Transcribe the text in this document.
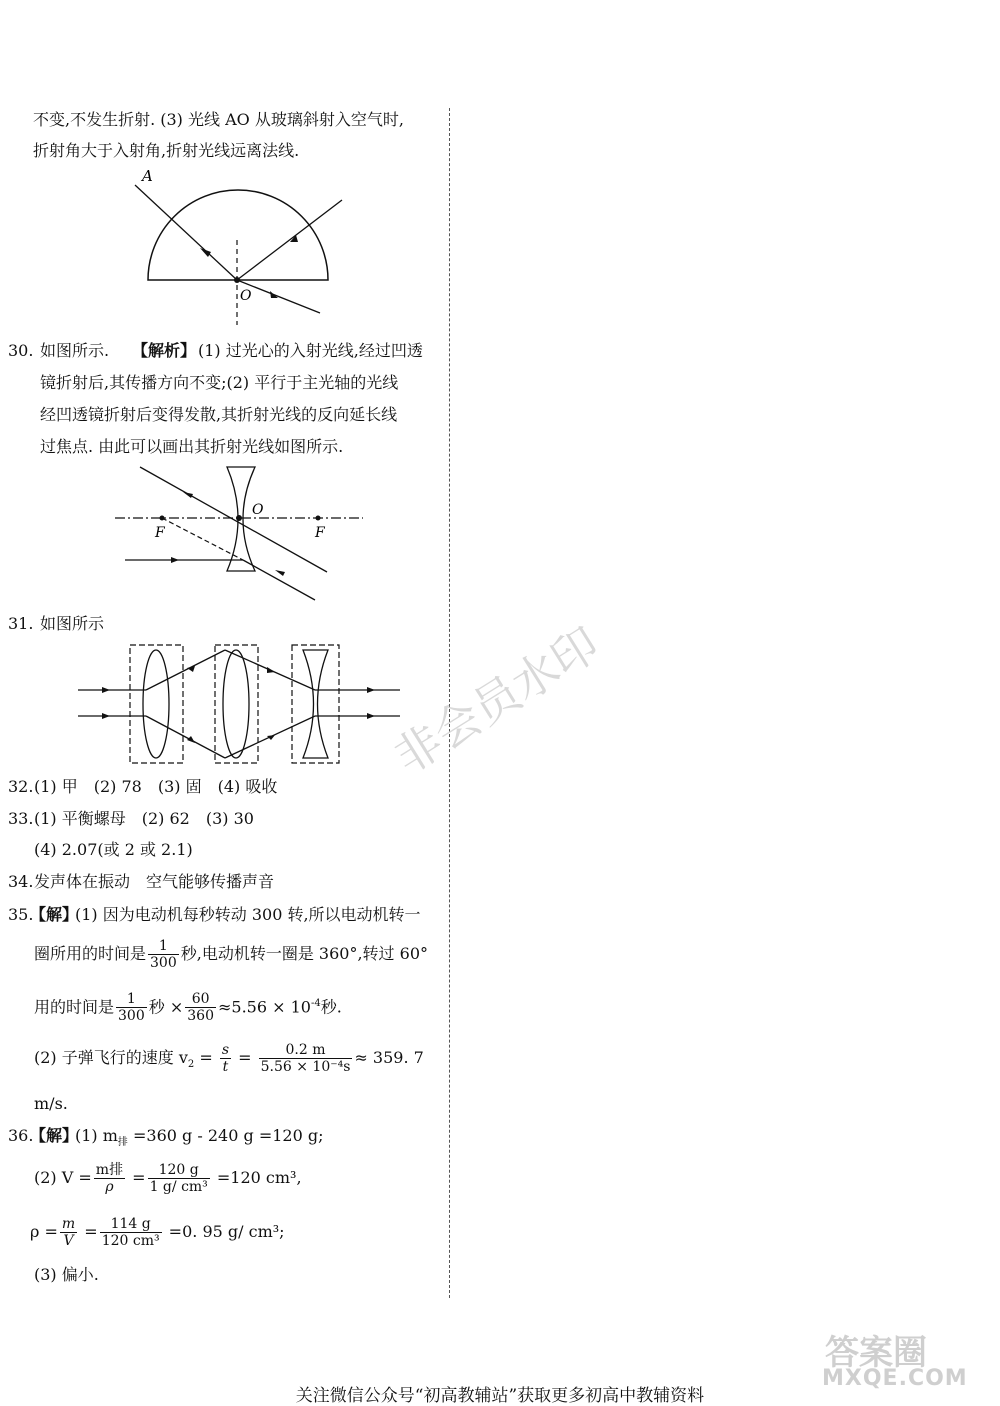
不变,不发生折射. (3) 光线 AO 从玻璃斜射入空气时,
折射角大于入射角,折射光线远离法线.
A
O
30. 如图所示. 【解析】 (1) 过光心的入射光线,经过凹透
镜折射后,其传播方向不变;(2) 平行于主光轴的光线
经凹透镜折射后变得发散,其折射光线的反向延长线
过焦点. 由此可以画出其折射光线如图所示.
O
F	F
31. 如图所示
32. (1) 甲　(2) 78　(3) 固　(4) 吸收
33. (1) 平衡螺母　(2) 62　(3) 30
(4) 2.07(或 2 或 2.1)
34. 发声体在振动　空气能够传播声音
35.
【解】
(1) 因为电动机每秒转动 300 转,所以电动机转一
圈所用的时间是 $\frac{1}{300}$ 秒,电动机转一圈是 360°,转过 60°
用的时间是 $\frac{1}{300}$ 秒 × $\frac{60}{360} \approx 5.56 \times 10^{-4}$秒.
(2) 子弹飞行的速度 $v_2 = \frac{s}{t} = \frac{0.2 m}{\text{5.56 × 10⁻⁴s}} \approx 359$. 7
m/s.
36.
【解】
(1) $m_排 =360$ g - 240 g =120 g;
(2) $V = \frac{\text{m排}}{\rho} = \frac{120 g}{\text{1 g/ cm³}} =120$ cm³,
$\rho = \frac{m}{V} = \frac{114 g}{\text{120 cm³}} =0$. 95 g/ cm³;
(3) 偏小.
非会员水印
答案圈
MXQE.COM
关注微信公众号“初高教辅站”获取更多初高中教辅资料
